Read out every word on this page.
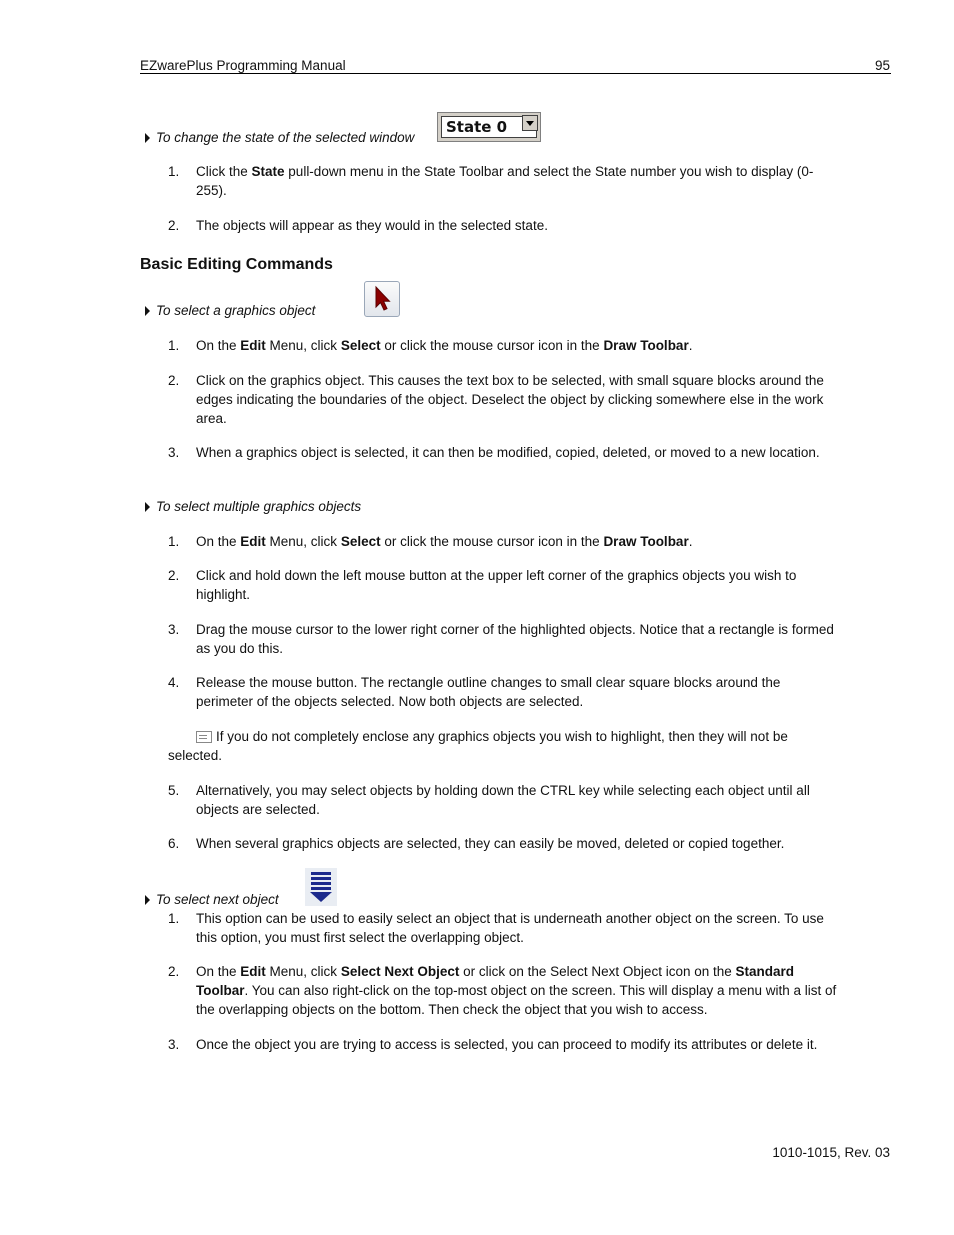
EZwarePlus Programming Manual	95
To change the state of the selected window
State 0
1.	Click the State pull-down menu in the State Toolbar and select the State number you wish to display (0-255).
2.	The objects will appear as they would in the selected state.
Basic Editing Commands
To select a graphics object
1.	On the Edit Menu, click Select or click the mouse cursor icon in the Draw Toolbar.
2.	Click on the graphics object. This causes the text box to be selected, with small square blocks around the edges indicating the boundaries of the object. Deselect the object by clicking somewhere else in the work area.
3.	When a graphics object is selected, it can then be modified, copied, deleted, or moved to a new location.
To select multiple graphics objects
1.	On the Edit Menu, click Select or click the mouse cursor icon in the Draw Toolbar.
2.	Click and hold down the left mouse button at the upper left corner of the graphics objects you wish to highlight.
3.	Drag the mouse cursor to the lower right corner of the highlighted objects. Notice that a rectangle is formed as you do this.
4.	Release the mouse button. The rectangle outline changes to small clear square blocks around the perimeter of the objects selected. Now both objects are selected.
If you do not completely enclose any graphics objects you wish to highlight, then they will not be
selected.
5.	Alternatively, you may select objects by holding down the CTRL key while selecting each object until all objects are selected.
6.	When several graphics objects are selected, they can easily be moved, deleted or copied together.
To select next object
1.	This option can be used to easily select an object that is underneath another object on the screen. To use this option, you must first select the overlapping object.
2.	On the Edit Menu, click Select Next Object or click on the Select Next Object icon on the Standard Toolbar. You can also right-click on the top-most object on the screen. This will display a menu with a list of the overlapping objects on the bottom. Then check the object that you wish to access.
3.	Once the object you are trying to access is selected, you can proceed to modify its attributes or delete it.
1010-1015, Rev. 03
